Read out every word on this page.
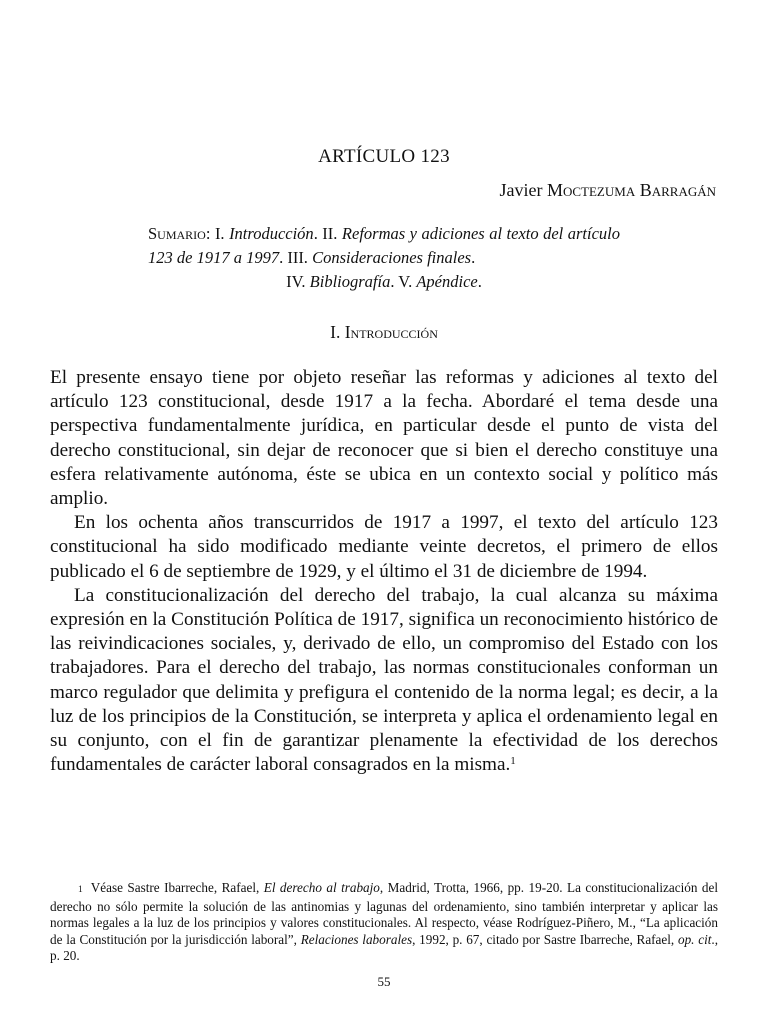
ARTÍCULO 123
Javier Moctezuma Barragán
Sumario: I. Introducción. II. Reformas y adiciones al texto del artículo 123 de 1917 a 1997. III. Consideraciones finales.
IV. Bibliografía. V. Apéndice.
I. Introducción

El presente ensayo tiene por objeto reseñar las reformas y adiciones al texto del artículo 123 constitucional, desde 1917 a la fecha. Abordaré el tema desde una perspectiva fundamentalmente jurídica, en particular desde el punto de vista del derecho constitucional, sin dejar de reconocer que si bien el derecho constituye una esfera relativamente autónoma, éste se ubica en un contexto social y político más amplio.

En los ochenta años transcurridos de 1917 a 1997, el texto del artículo 123 constitucional ha sido modificado mediante veinte decretos, el primero de ellos publicado el 6 de septiembre de 1929, y el último el 31 de diciembre de 1994.

La constitucionalización del derecho del trabajo, la cual alcanza su máxima expresión en la Constitución Política de 1917, significa un reconocimiento histórico de las reivindicaciones sociales, y, derivado de ello, un compromiso del Estado con los trabajadores. Para el derecho del trabajo, las normas constitucionales conforman un marco regulador que delimita y prefigura el contenido de la norma legal; es decir, a la luz de los principios de la Constitución, se interpreta y aplica el ordenamiento legal en su conjunto, con el fin de garantizar plenamente la efectividad de los derechos fundamentales de carácter laboral consagrados en la misma.$^1$

1 Véase Sastre Ibarreche, Rafael, El derecho al trabajo, Madrid, Trotta, 1966, pp. 19-20. La constitucionalización del derecho no sólo permite la solución de las antinomias y lagunas del ordenamiento, sino también interpretar y aplicar las normas legales a la luz de los principios y valores constitucionales. Al respecto, véase Rodríguez-Piñero, M., “La aplicación de la Constitución por la jurisdicción laboral”, Relaciones laborales, 1992, p. 67, citado por Sastre Ibarreche, Rafael, op. cit., p. 20.
55
